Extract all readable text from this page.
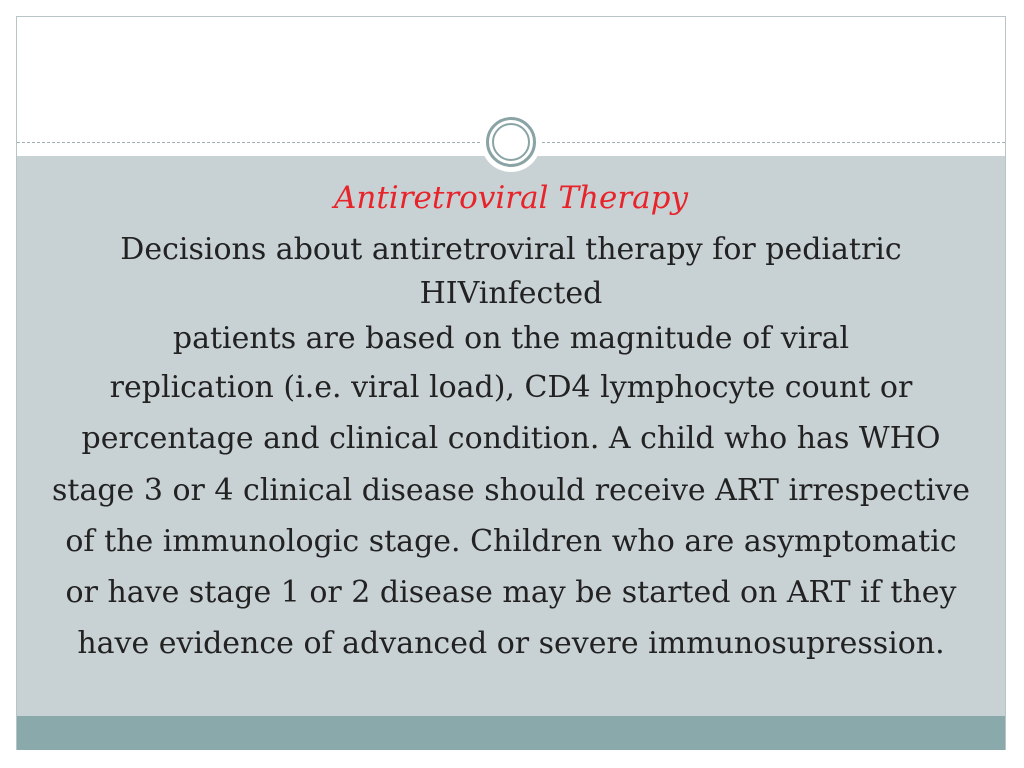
Antiretroviral Therapy
Decisions about antiretroviral therapy for pediatric
HIVinfected
patients are based on the magnitude of viral
replication (i.e. viral load), CD4 lymphocyte count or
percentage and clinical condition. A child who has WHO
stage 3 or 4 clinical disease should receive ART irrespective
of the immunologic stage. Children who are asymptomatic
or have stage 1 or 2 disease may be started on ART if they
have evidence of advanced or severe immunosupression.
